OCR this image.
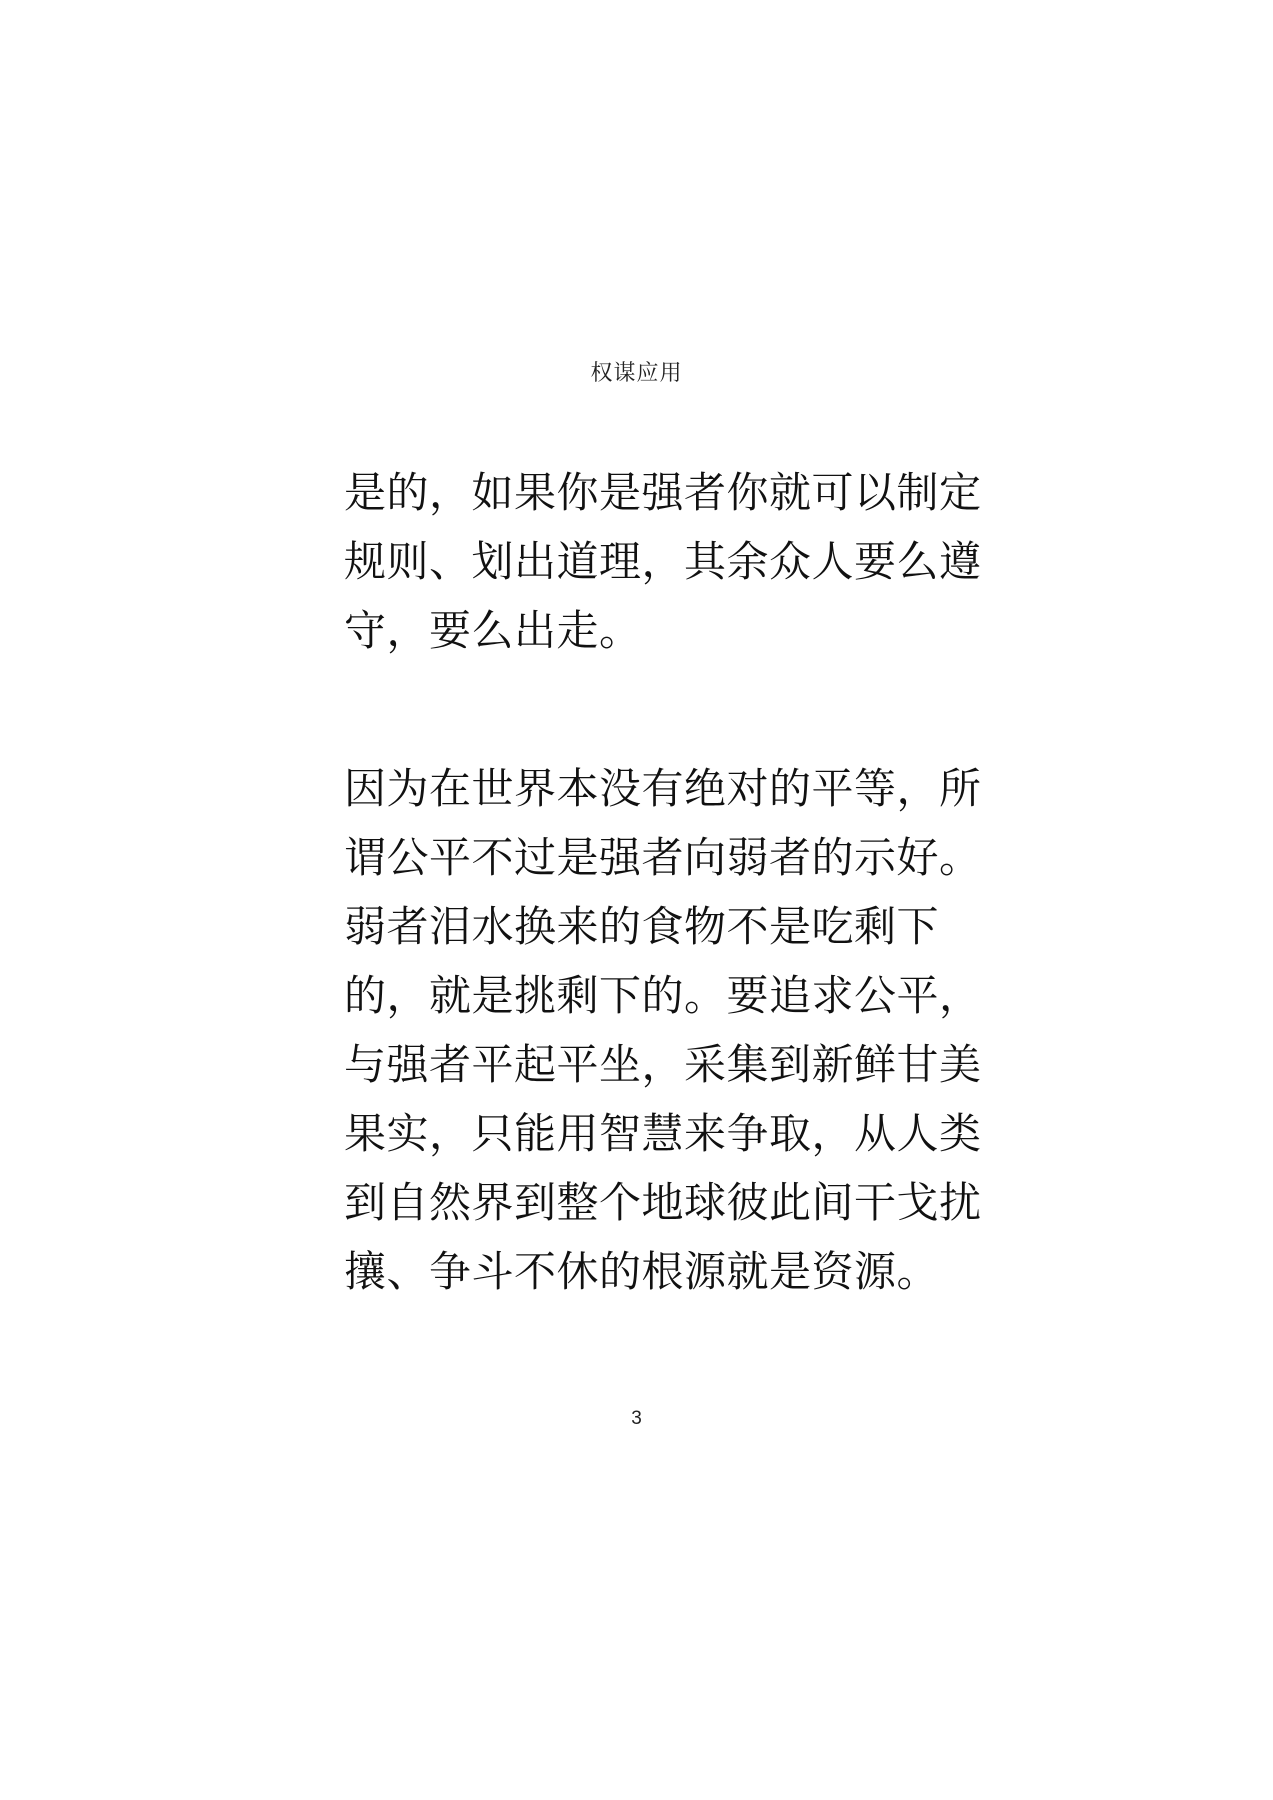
权谋应用
是的，如果你是强者你就可以制定
规则、划出道理，其余众人要么遵
守，要么出走。
因为在世界本没有绝对的平等，所
谓公平不过是强者向弱者的示好。
弱者泪水换来的食物不是吃剩下
的，就是挑剩下的。要追求公平，
与强者平起平坐，采集到新鲜甘美
果实，只能用智慧来争取，从人类
到自然界到整个地球彼此间干戈扰
攘、争斗不休的根源就是资源。
3
